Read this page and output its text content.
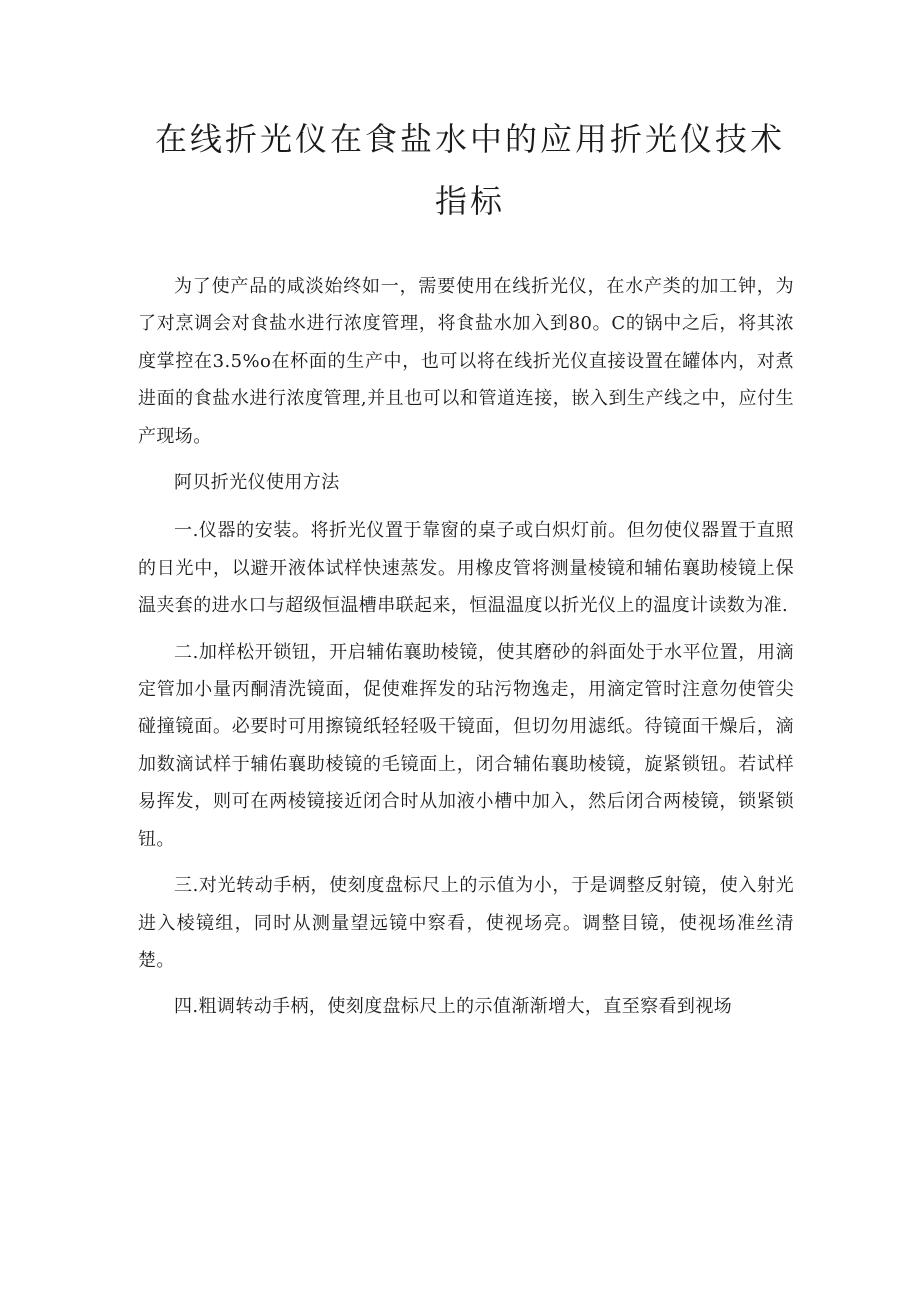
在线折光仪在食盐水中的应用折光仪技术指标

为了使产品的咸淡始终如一，需要使用在线折光仪，在水产类的加工钟，为了对烹调会对食盐水进行浓度管理，将食盐水加入到80。C的锅中之后，将其浓度掌控在3.5%o在杯面的生产中，也可以将在线折光仪直接设置在罐体内，对煮进面的食盐水进行浓度管理,并且也可以和管道连接，嵌入到生产线之中，应付生产现场。

阿贝折光仪使用方法

一.仪器的安装。将折光仪置于靠窗的桌子或白炽灯前。但勿使仪器置于直照的日光中，以避开液体试样快速蒸发。用橡皮管将测量棱镜和辅佑襄助棱镜上保温夹套的进水口与超级恒温槽串联起来，恒温温度以折光仪上的温度计读数为准.

二.加样松开锁钮，开启辅佑襄助棱镜，使其磨砂的斜面处于水平位置，用滴定管加小量丙酮清洗镜面，促使难挥发的玷污物逸走，用滴定管时注意勿使管尖碰撞镜面。必要时可用擦镜纸轻轻吸干镜面，但切勿用滤纸。待镜面干燥后，滴加数滴试样于辅佑襄助棱镜的毛镜面上，闭合辅佑襄助棱镜，旋紧锁钮。若试样易挥发，则可在两棱镜接近闭合时从加液小槽中加入，然后闭合两棱镜，锁紧锁钮。

三.对光转动手柄，使刻度盘标尺上的示值为小，于是调整反射镜，使入射光进入棱镜组，同时从测量望远镜中察看，使视场亮。调整目镜，使视场准丝清楚。

四.粗调转动手柄，使刻度盘标尺上的示值渐渐增大，直至察看到视场
